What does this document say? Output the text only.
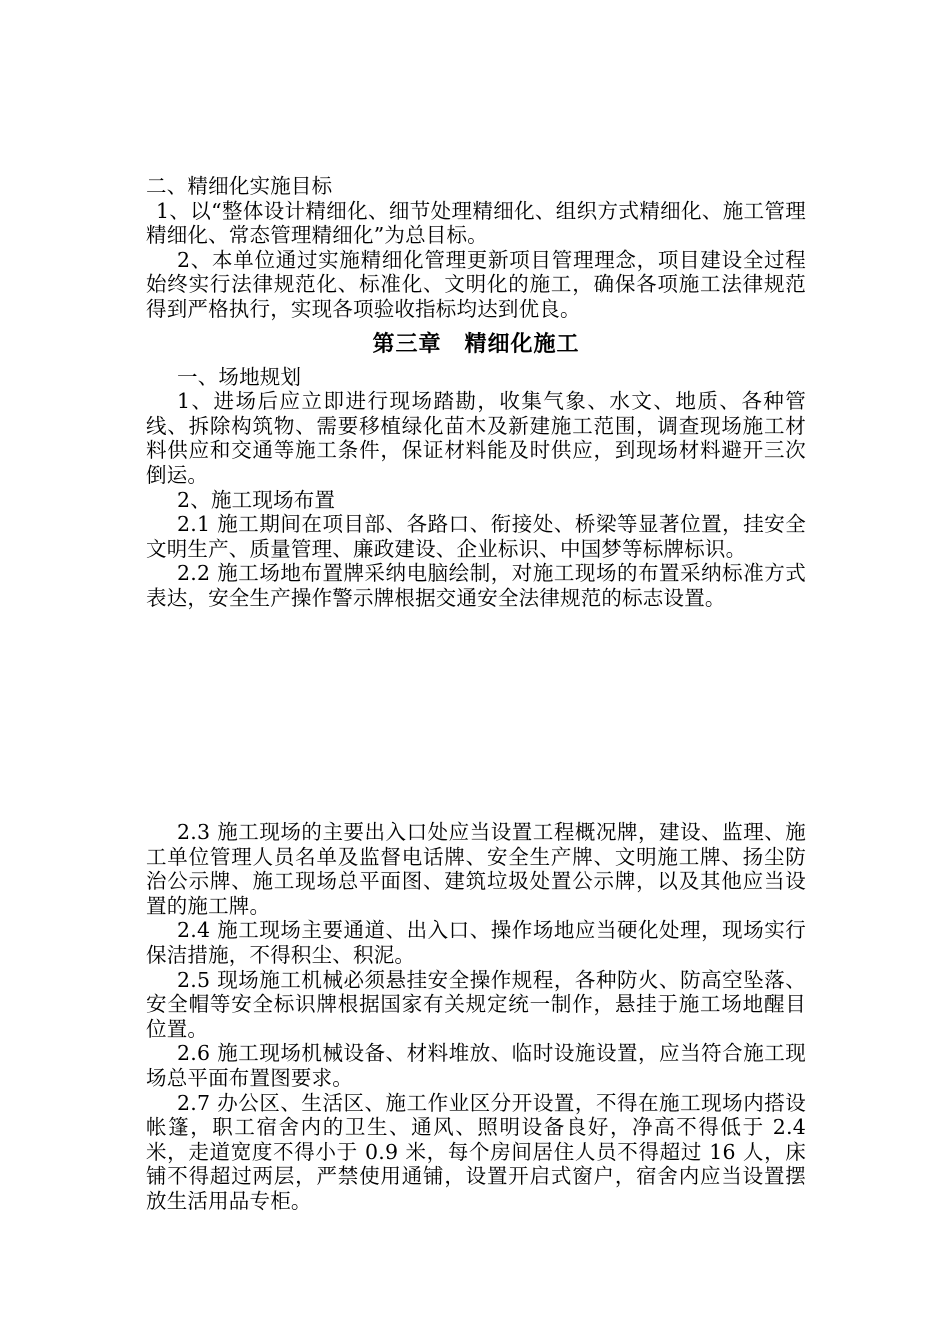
二、精细化实施目标

1、以“整体设计精细化、细节处理精细化、组织方式精细化、施工管理精细化、常态管理精细化”为总目标。

2、本单位通过实施精细化管理更新项目管理理念，项目建设全过程始终实行法律规范化、标准化、文明化的施工，确保各项施工法律规范得到严格执行，实现各项验收指标均达到优良。

第三章　精细化施工

一、场地规划

1、进场后应立即进行现场踏勘，收集气象、水文、地质、各种管线、拆除构筑物、需要移植绿化苗木及新建施工范围，调查现场施工材料供应和交通等施工条件，保证材料能及时供应，到现场材料避开三次倒运。

2、施工现场布置

2.1 施工期间在项目部、各路口、衔接处、桥梁等显著位置，挂安全文明生产、质量管理、廉政建设、企业标识、中国梦等标牌标识。

2.2 施工场地布置牌采纳电脑绘制，对施工现场的布置采纳标准方式表达，安全生产操作警示牌根据交通安全法律规范的标志设置。

2.3 施工现场的主要出入口处应当设置工程概况牌，建设、监理、施工单位管理人员名单及监督电话牌、安全生产牌、文明施工牌、扬尘防治公示牌、施工现场总平面图、建筑垃圾处置公示牌，以及其他应当设置的施工牌。

2.4 施工现场主要通道、出入口、操作场地应当硬化处理，现场实行保洁措施，不得积尘、积泥。

2.5 现场施工机械必须悬挂安全操作规程，各种防火、防高空坠落、安全帽等安全标识牌根据国家有关规定统一制作，悬挂于施工场地醒目位置。

2.6 施工现场机械设备、材料堆放、临时设施设置，应当符合施工现场总平面布置图要求。

2.7 办公区、生活区、施工作业区分开设置，不得在施工现场内搭设帐篷，职工宿舍内的卫生、通风、照明设备良好，净高不得低于 2.4 米，走道宽度不得小于 0.9 米，每个房间居住人员不得超过 16 人，床铺不得超过两层，严禁使用通铺，设置开启式窗户，宿舍内应当设置摆放生活用品专柜。
